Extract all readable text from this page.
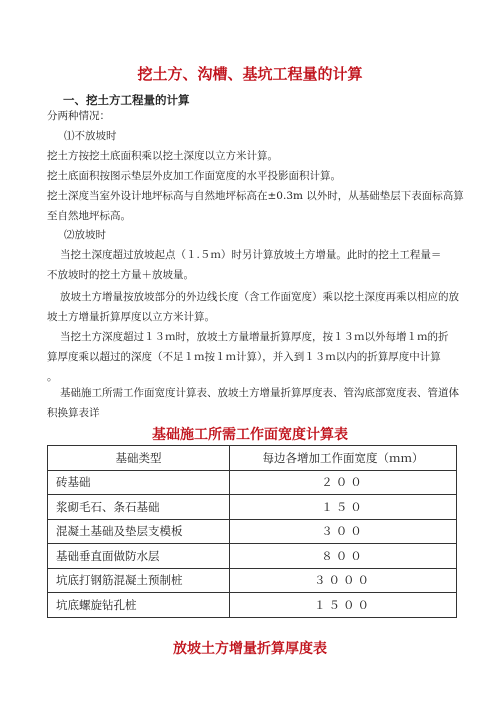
挖土方、沟槽、基坑工程量的计算
一、挖土方工程量的计算
分两种情况：
⑴不放坡时
挖土方按挖土底面积乘以挖土深度以立方米计算。
挖土底面积按图示垫层外皮加工作面宽度的水平投影面积计算。
挖土深度当室外设计地坪标高与自然地坪标高在±0.3m 以外时，从基础垫层下表面标高算
至自然地坪标高。
⑵放坡时
当挖土深度超过放坡起点（１.５ｍ）时另计算放坡土方增量。此时的挖土工程量＝
不放坡时的挖土方量＋放坡量。
放坡土方增量按放坡部分的外边线长度（含工作面宽度）乘以挖土深度再乘以相应的放
坡土方增量折算厚度以立方米计算。
当挖土方深度超过１３ｍ时，放坡土方量增量折算厚度，按１３ｍ以外每增１ｍ的折
算厚度乘以超过的深度（不足１ｍ按１ｍ计算），并入到１３ｍ以内的折算厚度中计算
。
基础施工所需工作面宽度计算表、放坡土方增量折算厚度表、管沟底部宽度表、管道体
积换算表详
基础施工所需工作面宽度计算表
基础类型	每边各增加工作面宽度（ｍｍ）
砖基础	２００
浆砌毛石、条石基础	１５０
混凝土基础及垫层支模板	３００
基础垂直面做防水层	８００
坑底打钢筋混凝土预制桩	３０００
坑底螺旋钻孔桩	１５００
放坡土方增量折算厚度表
